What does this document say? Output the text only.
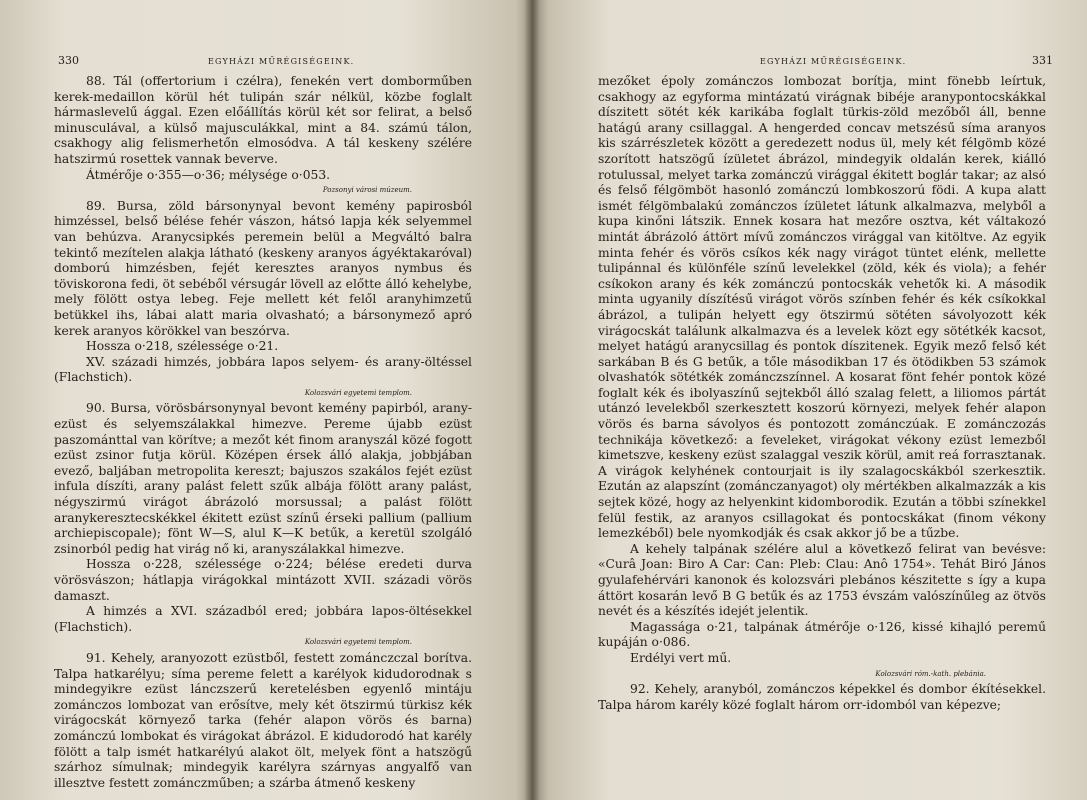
330	EGYHÁZI MŰRÉGISÉGEINK.

88. Tál (offertorium i czélra), fenekén vert domborműben kerek-medaillon körül hét tulipán szár nélkül, közbe foglalt hármaslevelű ággal. Ezen előállítás körül két sor felirat, a belső minusculával, a külső majusculákkal, mint a 84. számú tálon, csakhogy alig felismerhetőn elmosódva. A tál keskeny szélére hatszirmú rosettek vannak beverve.

Átmérője o·355—o·36; mélysége o·053.

Pozsonyi városi múzeum.

89. Bursa, zöld bársonynyal bevont kemény papirosból himzéssel, belső bélése fehér vászon, hátsó lapja kék selyemmel van behúzva. Aranycsipkés peremein belül a Megváltó balra tekintő mezítelen alakja látható (keskeny aranyos ágyéktakaróval) domború himzésben, fejét keresztes aranyos nymbus és töviskorona fedi, öt sebéből vérsugár lövell az előtte álló kehelybe, mely fölött ostya lebeg. Feje mellett két felől aranyhimzetű betükkel ihs, lábai alatt maria olvasható; a bársonymező apró kerek aranyos körökkel van beszórva.

Hossza o·218, szélessége o·21.

XV. századi himzés, jobbára lapos selyem- és arany-öltéssel (Flachstich).

Kolozsvári egyetemi templom.

90. Bursa, vörösbársonynyal bevont kemény papirból, arany-ezüst és selyemszálakkal himezve. Pereme újabb ezüst paszománttal van körítve; a mezőt két finom aranyszál közé fogott ezüst zsinor futja körül. Középen érsek álló alakja, jobbjában evező, baljában metropolita kereszt; bajuszos szakálos fejét ezüst infula díszíti, arany palást felett szűk albája fölött arany palást, négyszirmú virágot ábrázoló morsussal; a palást fölött aranykeresztecskékkel ékitett ezüst színű érseki pallium (pallium archiepiscopale); fönt W—S, alul K—K betűk, a keretül szolgáló zsinorból pedig hat virág nő ki, aranyszálakkal himezve.

Hossza o·228, szélessége o·224; bélése eredeti durva vörösvászon; hátlapja virágokkal mintázott XVII. századi vörös damaszt.

A himzés a XVI. századból ered; jobbára lapos-öltésekkel (Flachstich).

Kolozsvári egyetemi templom.

91. Kehely, aranyozott ezüstből, festett zománczczal borítva. Talpa hatkarélyu; síma pereme felett a karélyok kidudorodnak s mindegyikre ezüst lánczszerű keretelésben egyenlő mintáju zománczos lombozat van erősítve, mely két ötszirmú türkisz kék virágocskát környező tarka (fehér alapon vörös és barna) zománczú lombokat és virágokat ábrázol. E kidudorodó hat karély fölött a talp ismét hatkarélyú alakot ölt, melyek fönt a hatszögű szárhoz símulnak; mindegyik karélyra szárnyas angyalfő van illesztve festett zománczműben; a szárba átmenő keskeny

EGYHÁZI MŰRÉGISÉGEINK.	331

mezőket époly zománczos lombozat borítja, mint fönebb leírtuk, csakhogy az egyforma mintázatú virágnak bibéje aranypontocskákkal díszitett sötét kék karikába foglalt türkis-zöld mezőből áll, benne hatágú arany csillaggal. A hengerded concav metszésű síma aranyos kis szárrészletek között a geredezett nodus ül, mely két félgömb közé szorított hatszögű ízületet ábrázol, mindegyik oldalán kerek, kiálló rotulussal, melyet tarka zománczú virággal ékitett boglár takar; az alsó és felső félgömböt hasonló zománczú lombkoszorú födi. A kupa alatt ismét félgömbalakú zománczos ízületet látunk alkalmazva, melyből a kupa kinőni látszik. Ennek kosara hat mezőre osztva, két váltakozó mintát ábrázoló áttört mívű zománczos virággal van kitöltve. Az egyik minta fehér és vörös csíkos kék nagy virágot tüntet elénk, mellette tulipánnal és különféle színű levelekkel (zöld, kék és viola); a fehér csíkokon arany és kék zománczú pontocskák vehetők ki. A második minta ugyanily díszítésű virágot vörös színben fehér és kék csíkokkal ábrázol, a tulipán helyett egy ötszirmú sötéten sávolyozott kék virágocskát találunk alkalmazva és a levelek közt egy sötétkék kacsot, melyet hatágú aranycsillag és pontok díszitenek. Egyik mező felső két sarkában B és G betűk, a tőle másodikban 17 és ötödikben 53 számok olvashatók sötétkék zománczszínnel. A kosarat fönt fehér pontok közé foglalt kék és ibolyaszínű sejtekből álló szalag felett, a liliomos pártát utánzó levelekből szerkesztett koszorú környezi, melyek fehér alapon vörös és barna sávolyos és pontozott zománczúak. E zománczozás technikája következő: a feveleket, virágokat vékony ezüst lemezből kimetszve, keskeny ezüst szalaggal veszik körül, amit reá forrasztanak. A virágok kelyhének contourjait is ily szalagocskákból szerkesztik. Ezután az alapszínt (zománczanyagot) oly mértékben alkalmazzák a kis sejtek közé, hogy az helyenkint kidomborodik. Ezután a többi színekkel felül festik, az aranyos csillagokat és pontocskákat (finom vékony lemezkéből) bele nyomkodják és csak akkor jő be a tűzbe.

A kehely talpának szélére alul a következő felirat van bevésve: «Curâ Joan: Biro A Car: Can: Pleb: Clau: Anô 1754». Tehát Biró János gyulafehérvári kanonok és kolozsvári plebános készitette s így a kupa áttört kosarán levő B G betűk és az 1753 évszám valószínűleg az ötvös nevét és a készítés idejét jelentik.

Magassága o·21, talpának átmérője o·126, kissé kihajló peremű kupáján o·086.

Erdélyi vert mű.

Kolozsvári róm.-kath. plebánia.

92. Kehely, aranyból, zománczos képekkel és dombor ékítésekkel. Talpa három karély közé foglalt három orr-idomból van képezve;
